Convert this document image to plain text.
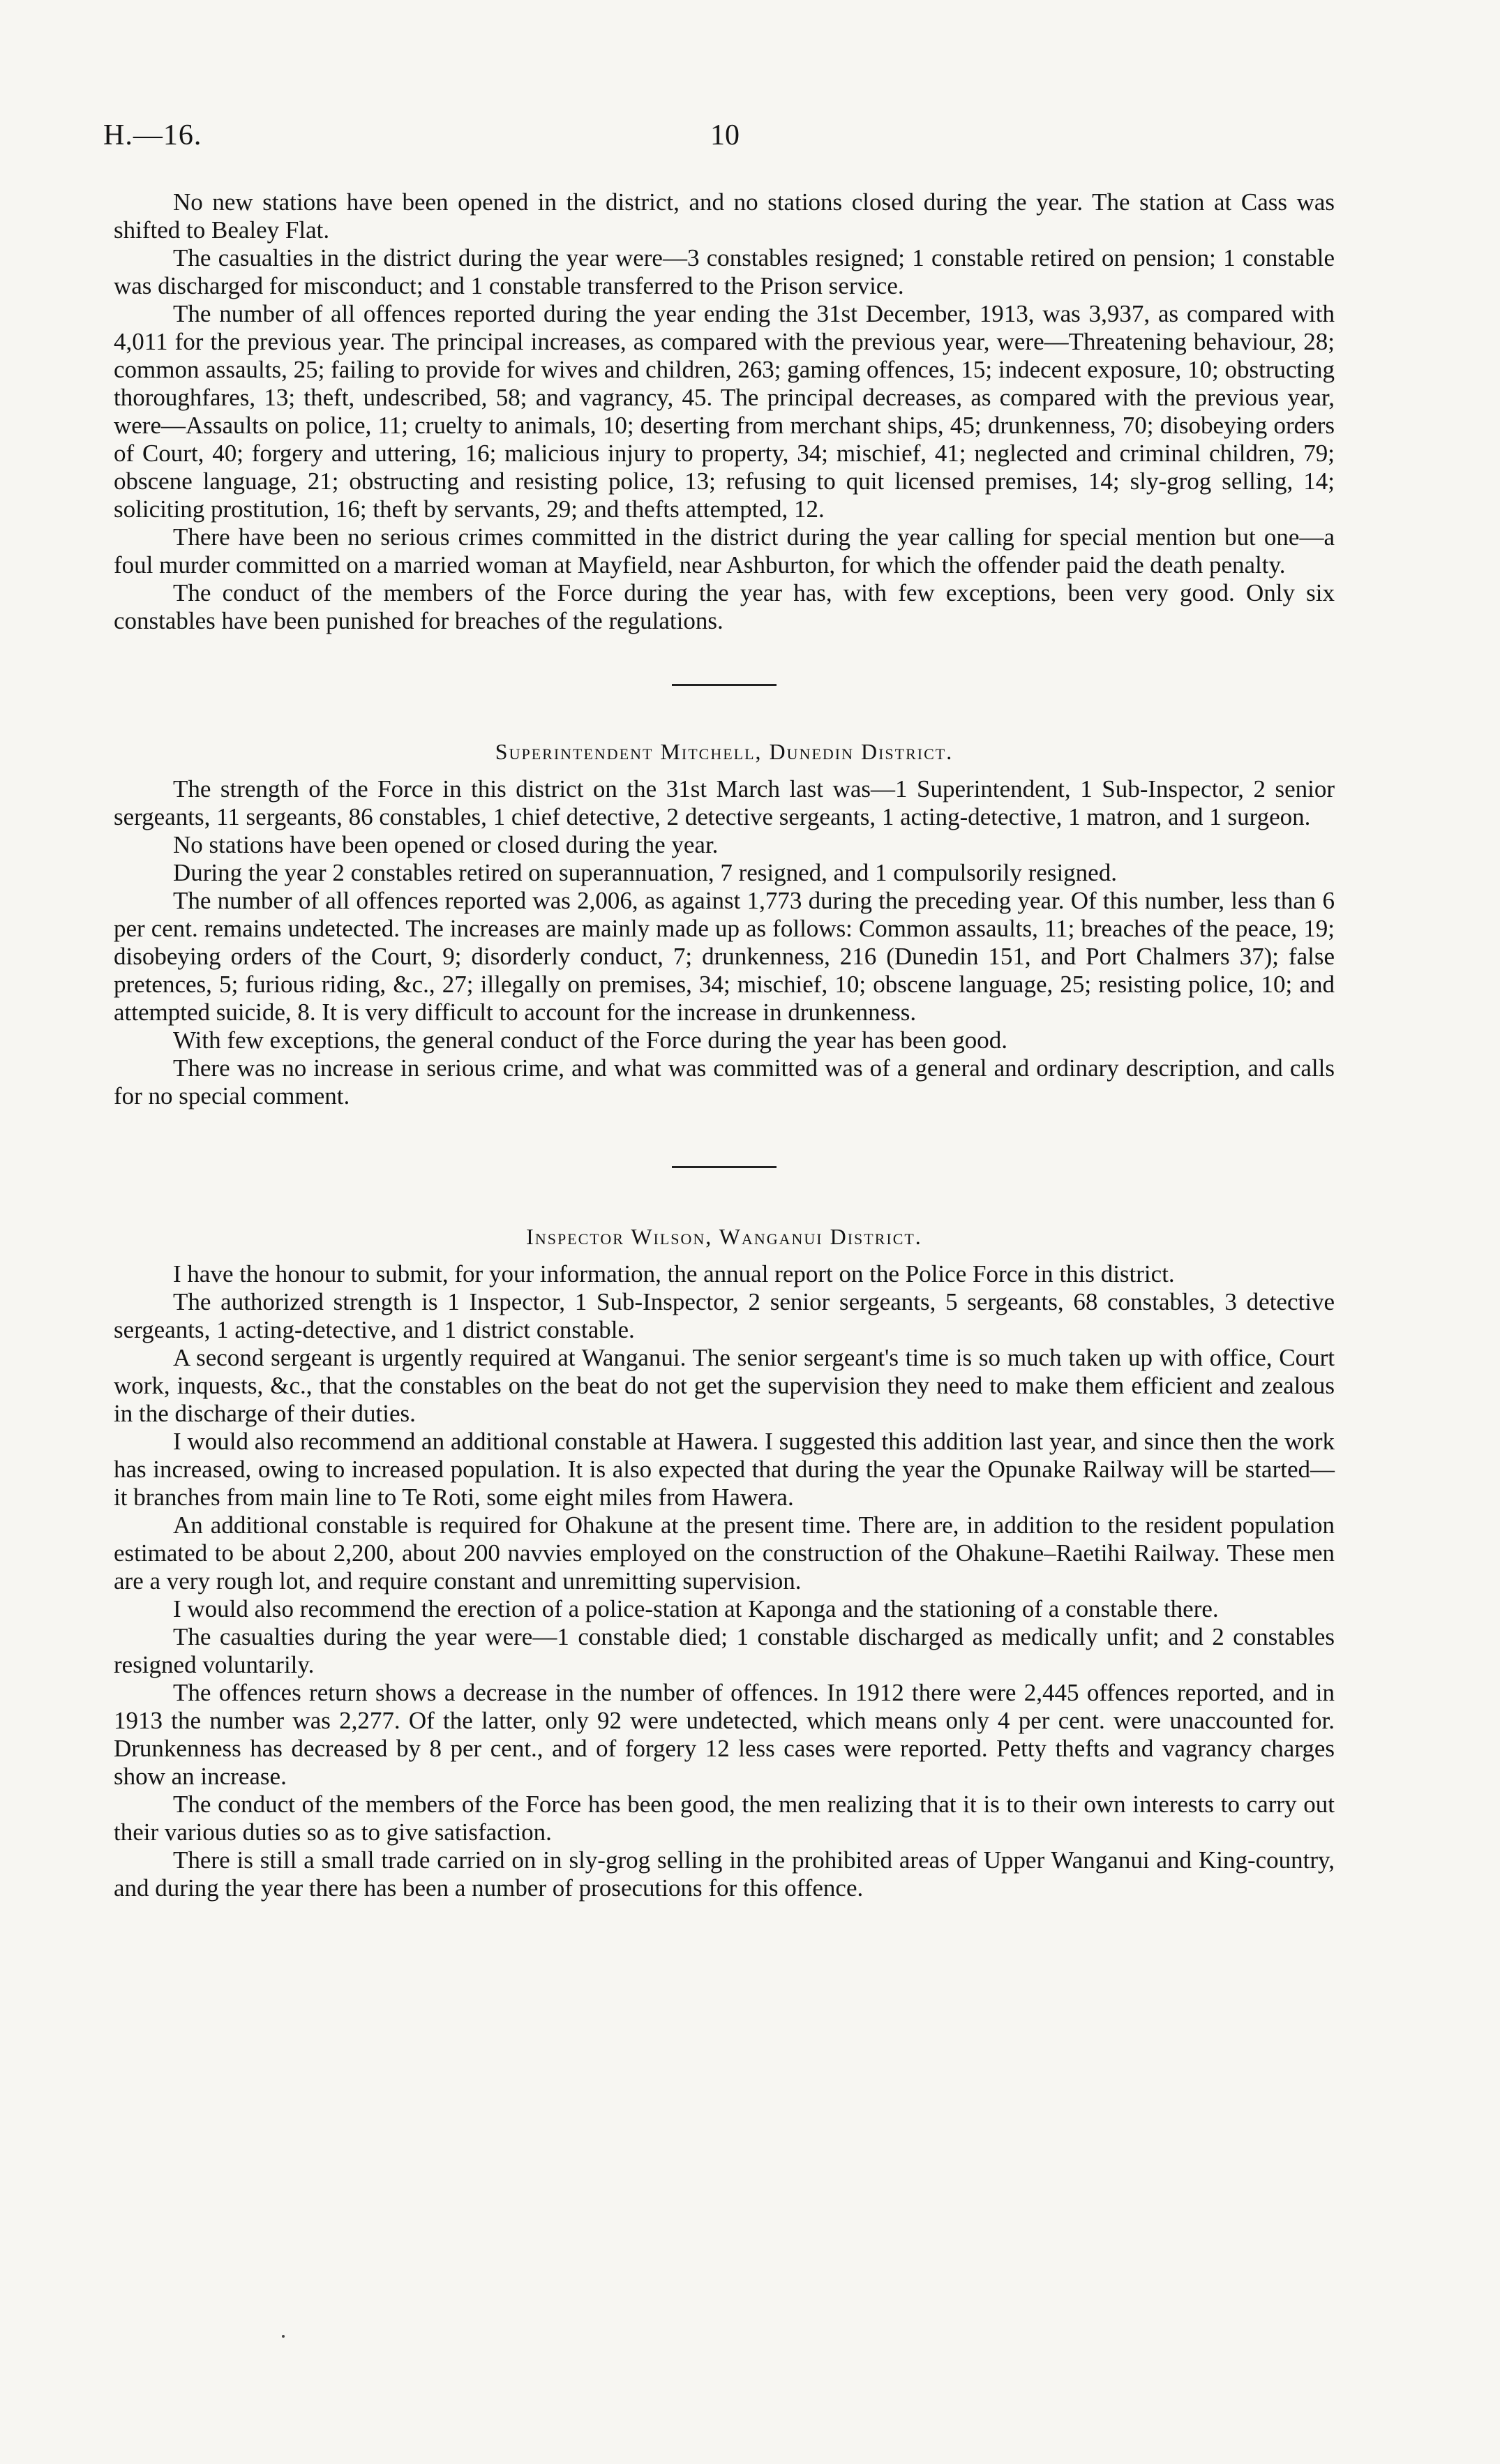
H.—16.	10

No new stations have been opened in the district, and no stations closed during the year. The station at Cass was shifted to Bealey Flat.

The casualties in the district during the year were—3 constables resigned; 1 constable retired on pension; 1 constable was discharged for misconduct; and 1 constable transferred to the Prison service.

The number of all offences reported during the year ending the 31st December, 1913, was 3,937, as compared with 4,011 for the previous year. The principal increases, as compared with the previous year, were—Threatening behaviour, 28; common assaults, 25; failing to provide for wives and children, 263; gaming offences, 15; indecent exposure, 10; obstructing thoroughfares, 13; theft, undescribed, 58; and vagrancy, 45. The principal decreases, as compared with the previous year, were—Assaults on police, 11; cruelty to animals, 10; deserting from merchant ships, 45; drunkenness, 70; disobeying orders of Court, 40; forgery and uttering, 16; malicious injury to property, 34; mischief, 41; neglected and criminal children, 79; obscene language, 21; obstructing and resisting police, 13; refusing to quit licensed premises, 14; sly-grog selling, 14; soliciting prostitution, 16; theft by servants, 29; and thefts attempted, 12.

There have been no serious crimes committed in the district during the year calling for special mention but one—a foul murder committed on a married woman at Mayfield, near Ashburton, for which the offender paid the death penalty.

The conduct of the members of the Force during the year has, with few exceptions, been very good. Only six constables have been punished for breaches of the regulations.

Superintendent Mitchell, Dunedin District.

The strength of the Force in this district on the 31st March last was—1 Superintendent, 1 Sub-Inspector, 2 senior sergeants, 11 sergeants, 86 constables, 1 chief detective, 2 detective sergeants, 1 acting-detective, 1 matron, and 1 surgeon.

No stations have been opened or closed during the year.

During the year 2 constables retired on superannuation, 7 resigned, and 1 compulsorily resigned.

The number of all offences reported was 2,006, as against 1,773 during the preceding year. Of this number, less than 6 per cent. remains undetected. The increases are mainly made up as follows: Common assaults, 11; breaches of the peace, 19; disobeying orders of the Court, 9; disorderly conduct, 7; drunkenness, 216 (Dunedin 151, and Port Chalmers 37); false pretences, 5; furious riding, &c., 27; illegally on premises, 34; mischief, 10; obscene language, 25; resisting police, 10; and attempted suicide, 8. It is very difficult to account for the increase in drunkenness.

With few exceptions, the general conduct of the Force during the year has been good.

There was no increase in serious crime, and what was committed was of a general and ordinary description, and calls for no special comment.

Inspector Wilson, Wanganui District.

I have the honour to submit, for your information, the annual report on the Police Force in this district.

The authorized strength is 1 Inspector, 1 Sub-Inspector, 2 senior sergeants, 5 sergeants, 68 constables, 3 detective sergeants, 1 acting-detective, and 1 district constable.

A second sergeant is urgently required at Wanganui. The senior sergeant's time is so much taken up with office, Court work, inquests, &c., that the constables on the beat do not get the supervision they need to make them efficient and zealous in the discharge of their duties.

I would also recommend an additional constable at Hawera. I suggested this addition last year, and since then the work has increased, owing to increased population. It is also expected that during the year the Opunake Railway will be started—it branches from main line to Te Roti, some eight miles from Hawera.

An additional constable is required for Ohakune at the present time. There are, in addition to the resident population estimated to be about 2,200, about 200 navvies employed on the construction of the Ohakune–Raetihi Railway. These men are a very rough lot, and require constant and unremitting supervision.

I would also recommend the erection of a police-station at Kaponga and the stationing of a constable there.

The casualties during the year were—1 constable died; 1 constable discharged as medically unfit; and 2 constables resigned voluntarily.

The offences return shows a decrease in the number of offences. In 1912 there were 2,445 offences reported, and in 1913 the number was 2,277. Of the latter, only 92 were undetected, which means only 4 per cent. were unaccounted for. Drunkenness has decreased by 8 per cent., and of forgery 12 less cases were reported. Petty thefts and vagrancy charges show an increase.

The conduct of the members of the Force has been good, the men realizing that it is to their own interests to carry out their various duties so as to give satisfaction.

There is still a small trade carried on in sly-grog selling in the prohibited areas of Upper Wanganui and King-country, and during the year there has been a number of prosecutions for this offence.
